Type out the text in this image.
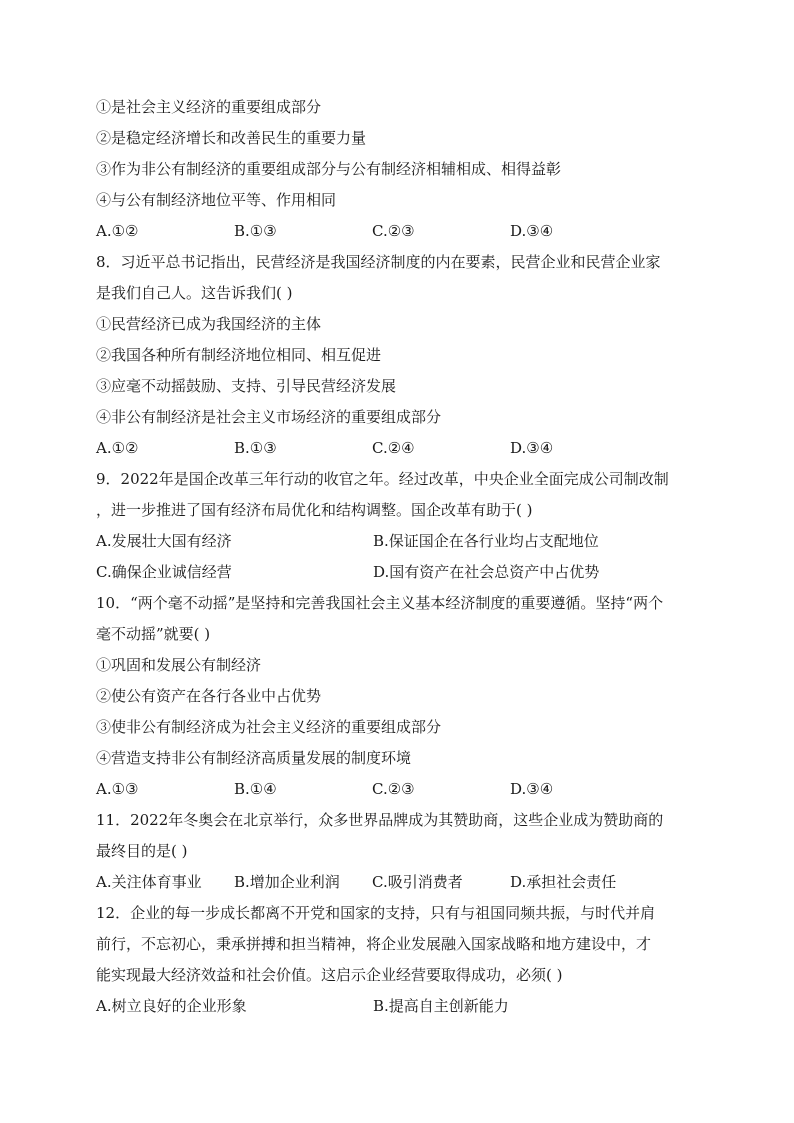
①是社会主义经济的重要组成部分
②是稳定经济增长和改善民生的重要力量
③作为非公有制经济的重要组成部分与公有制经济相辅相成、相得益彰
④与公有制经济地位平等、作用相同
A.①②	B.①③	C.②③	D.③④
8．习近平总书记指出，民营经济是我国经济制度的内在要素，民营企业和民营企业家
是我们自己人。这告诉我们( )
①民营经济已成为我国经济的主体
②我国各种所有制经济地位相同、相互促进
③应毫不动摇鼓励、支持、引导民营经济发展
④非公有制经济是社会主义市场经济的重要组成部分
A.①②	B.①③	C.②④	D.③④
9．2022年是国企改革三年行动的收官之年。经过改革，中央企业全面完成公司制改制
，进一步推进了国有经济布局优化和结构调整。国企改革有助于( )
A.发展壮大国有经济	B.保证国企在各行业均占支配地位
C.确保企业诚信经营	D.国有资产在社会总资产中占优势
10．“两个毫不动摇”是坚持和完善我国社会主义基本经济制度的重要遵循。坚持“两个
毫不动摇”就要( )
①巩固和发展公有制经济
②使公有资产在各行各业中占优势
③使非公有制经济成为社会主义经济的重要组成部分
④营造支持非公有制经济高质量发展的制度环境
A.①③	B.①④	C.②③	D.③④
11．2022年冬奥会在北京举行，众多世界品牌成为其赞助商，这些企业成为赞助商的
最终目的是( )
A.关注体育事业	B.增加企业利润	C.吸引消费者	D.承担社会责任
12．企业的每一步成长都离不开党和国家的支持，只有与祖国同频共振，与时代并肩
前行，不忘初心，秉承拼搏和担当精神，将企业发展融入国家战略和地方建设中，才
能实现最大经济效益和社会价值。这启示企业经营要取得成功，必须( )
A.树立良好的企业形象	B.提高自主创新能力
